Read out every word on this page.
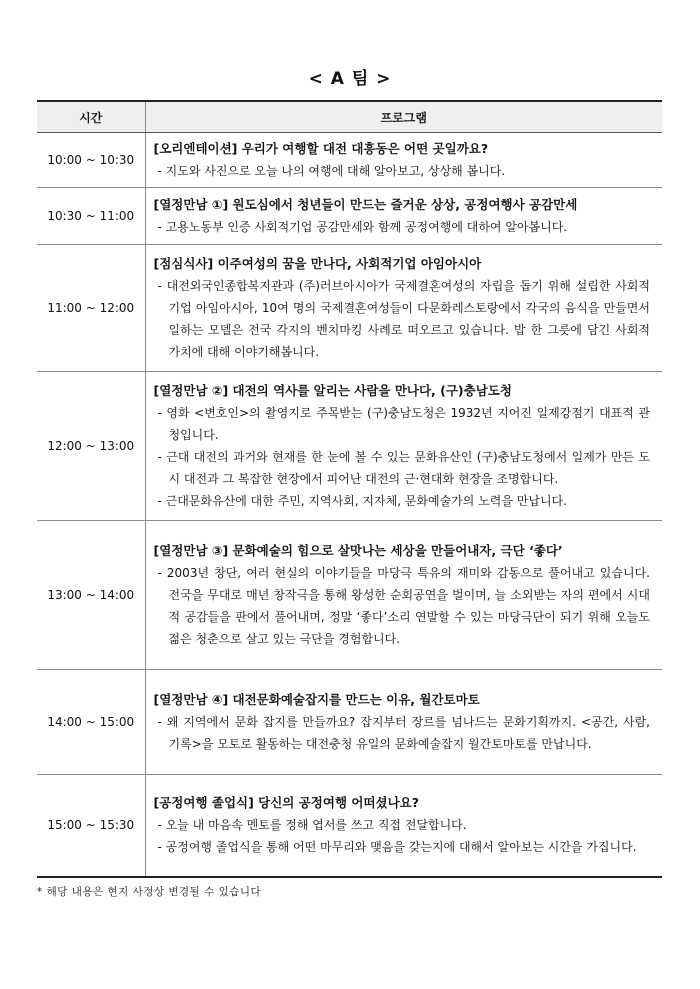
< A 팀 >
시간	프로그램
10:00 ~ 10:30	[오리엔테이션] 우리가 여행할 대전 대흥동은 어떤 곳일까요?
- 지도와 사진으로 오늘 나의 여행에 대해 알아보고, 상상해 봅니다.

10:30 ~ 11:00	[열정만남 ①] 원도심에서 청년들이 만드는 즐거운 상상, 공정여행사 공감만세
- 고용노동부 인증 사회적기업 공감만세와 함께 공정여행에 대하여 알아봅니다.

11:00 ~ 12:00	[점심식사] 이주여성의 꿈을 만나다, 사회적기업 아임아시아
- 대전외국인종합복지관과 (주)러브아시아가 국제결혼여성의 자립을 돕기 위해 설립한 사회적기업 아임아시아, 10여 명의 국제결혼여성들이 다문화레스토랑에서 각국의 음식을 만들면서 일하는 모델은 전국 각지의 벤치마킹 사례로 떠오르고 있습니다. 밥 한 그릇에 담긴 사회적 가치에 대해 이야기해봅니다.

12:00 ~ 13:00	[열정만남 ②] 대전의 역사를 알리는 사람을 만나다, (구)충남도청
- 영화 <변호인>의 촬영지로 주목받는 (구)충남도청은 1932년 지어진 일제강점기 대표적 관청입니다.
- 근대 대전의 과거와 현재를 한 눈에 볼 수 있는 문화유산인 (구)충남도청에서 일제가 만든 도시 대전과 그 복잡한 현장에서 피어난 대전의 근·현대화 현장을 조명합니다.
- 근대문화유산에 대한 주민, 지역사회, 지자체, 문화예술가의 노력을 만납니다.

13:00 ~ 14:00	[열정만남 ③] 문화예술의 힘으로 살맛나는 세상을 만들어내자, 극단 ‘좋다’
- 2003년 창단, 여러 현실의 이야기들을 마당극 특유의 재미와 감동으로 풀어내고 있습니다. 전국을 무대로 매년 창작극을 통해 왕성한 순회공연을 벌이며, 늘 소외받는 자의 편에서 시대적 공감들을 판에서 풀어내며, 정말 ‘좋다’소리 연발할 수 있는 마당극단이 되기 위해 오늘도 젊은 청춘으로 살고 있는 극단을 경험합니다.

14:00 ~ 15:00	[열정만남 ④] 대전문화예술잡지를 만드는 이유, 월간토마토
- 왜 지역에서 문화 잡지를 만들까요? 잡지부터 장르를 넘나드는 문화기획까지. <공간, 사람, 기록>을 모토로 활동하는 대전충청 유일의 문화예술잡지 월간토마토를 만납니다.

15:00 ~ 15:30	[공정여행 졸업식] 당신의 공정여행 어떠셨나요?
- 오늘 내 마음속 멘토를 정해 엽서를 쓰고 직접 전달합니다.
- 공정여행 졸업식을 통해 어떤 마무리와 맺음을 갖는지에 대해서 알아보는 시간을 가집니다.
* 해당 내용은 현지 사정상 변경될 수 있습니다
